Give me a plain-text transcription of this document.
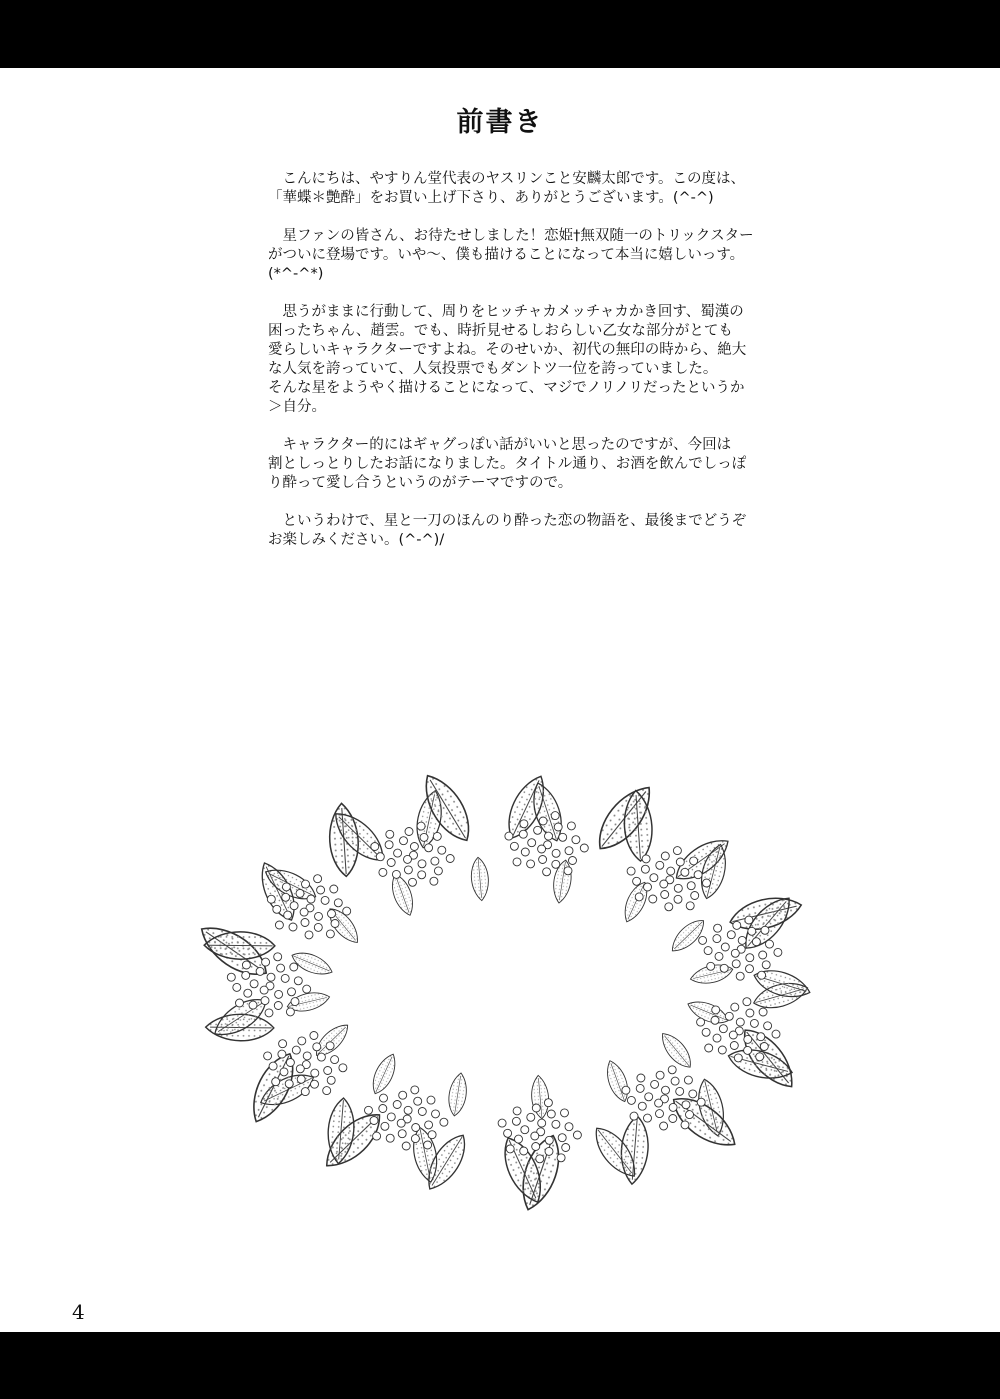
前書き

　こんにちは、やすりん堂代表のヤスリンこと安麟太郎です。この度は、
「華蝶＊艶酔」をお買い上げ下さり、ありがとうございます。(^-^)

　星ファンの皆さん、お待たせしました！恋姫†無双随一のトリックスター
がついに登場です。いや〜、僕も描けることになって本当に嬉しいっす。
(*^-^*)

　思うがままに行動して、周りをヒッチャカメッチャカかき回す、蜀漢の
困ったちゃん、趙雲。でも、時折見せるしおらしい乙女な部分がとても
愛らしいキャラクターですよね。そのせいか、初代の無印の時から、絶大
な人気を誇っていて、人気投票でもダントツ一位を誇っていました。
そんな星をようやく描けることになって、マジでノリノリだったというか
＞自分。

　キャラクター的にはギャグっぽい話がいいと思ったのですが、今回は
割としっとりしたお話になりました。タイトル通り、お酒を飲んでしっぽ
り酔って愛し合うというのがテーマですので。

　というわけで、星と一刀のほんのり酔った恋の物語を、最後までどうぞ
お楽しみください。(^-^)/

4
